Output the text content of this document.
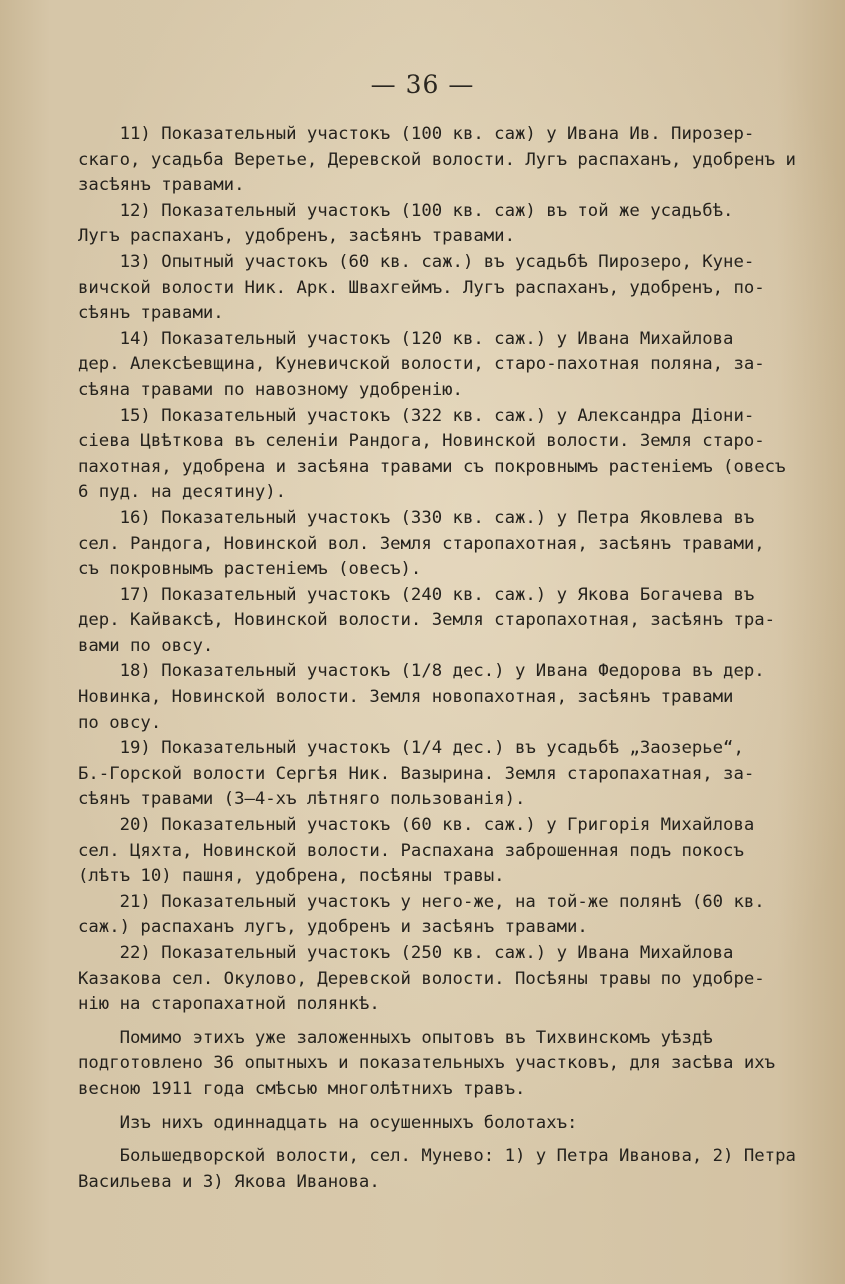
— 36 —
11) Показательный участокъ (100 кв. саж) у Ивана Ив. Пирозер-
скаго, усадьба Веретье, Деревской волости. Лугъ распаханъ, удобренъ и
засѣянъ травами.
12) Показательный участокъ (100 кв. саж) въ той же усадьбѣ.
Лугъ распаханъ, удобренъ, засѣянъ травами.
13) Опытный участокъ (60 кв. саж.) въ усадьбѣ Пирозеро, Куне-
вичской волости Ник. Арк. Швахгеймъ. Лугъ распаханъ, удобренъ, по-
сѣянъ травами.
14) Показательный участокъ (120 кв. саж.) у Ивана Михайлова
дер. Алексѣевщина, Куневичской волости, старо-пахотная поляна, за-
сѣяна травами по навозному удобренiю.
15) Показательный участокъ (322 кв. саж.) у Александра Дiони-
сiева Цвѣткова въ селенiи Рандога, Новинской волости. Земля старо-
пахотная, удобрена и засѣяна травами съ покровнымъ растенiемъ (овесъ
6 пуд. на десятину).
16) Показательный участокъ (330 кв. саж.) у Петра Яковлева въ
сел. Рандога, Новинской вол. Земля старопахотная, засѣянъ травами,
съ покровнымъ растенiемъ (овесъ).
17) Показательный участокъ (240 кв. саж.) у Якова Богачева въ
дер. Кайваксѣ, Новинской волости. Земля старопахотная, засѣянъ тра-
вами по овсу.
18) Показательный участокъ (1/8 дес.) у Ивана Федорова въ дер.
Новинка, Новинской волости. Земля новопахотная, засѣянъ травами
по овсу.
19) Показательный участокъ (1/4 дес.) въ усадьбѣ „Заозерье“,
Б.-Горской волости Сергѣя Ник. Вазырина. Земля старопахатная, за-
сѣянъ травами (3—4-хъ лѣтняго пользованiя).
20) Показательный участокъ (60 кв. саж.) у Григорiя Михайлова
сел. Цяхта, Новинской волости. Распахана заброшенная подъ покосъ
(лѣтъ 10) пашня, удобрена, посѣяны травы.
21) Показательный участокъ у него-же, на той-же полянѣ (60 кв.
саж.) распаханъ лугъ, удобренъ и засѣянъ травами.
22) Показательный участокъ (250 кв. саж.) у Ивана Михайлова
Казакова сел. Окулово, Деревской волости. Посѣяны травы по удобре-
нiю на старопахатной полянкѣ.
Помимо этихъ уже заложенныхъ опытовъ въ Тихвинскомъ уѣздѣ
подготовлено 36 опытныхъ и показательныхъ участковъ, для засѣва ихъ
весною 1911 года смѣсью многолѣтнихъ травъ.
Изъ нихъ одиннадцать на осушенныхъ болотахъ:
Большедворской волости, сел. Мунево: 1) у Петра Иванова, 2) Петра
Васильева и 3) Якова Иванова.
